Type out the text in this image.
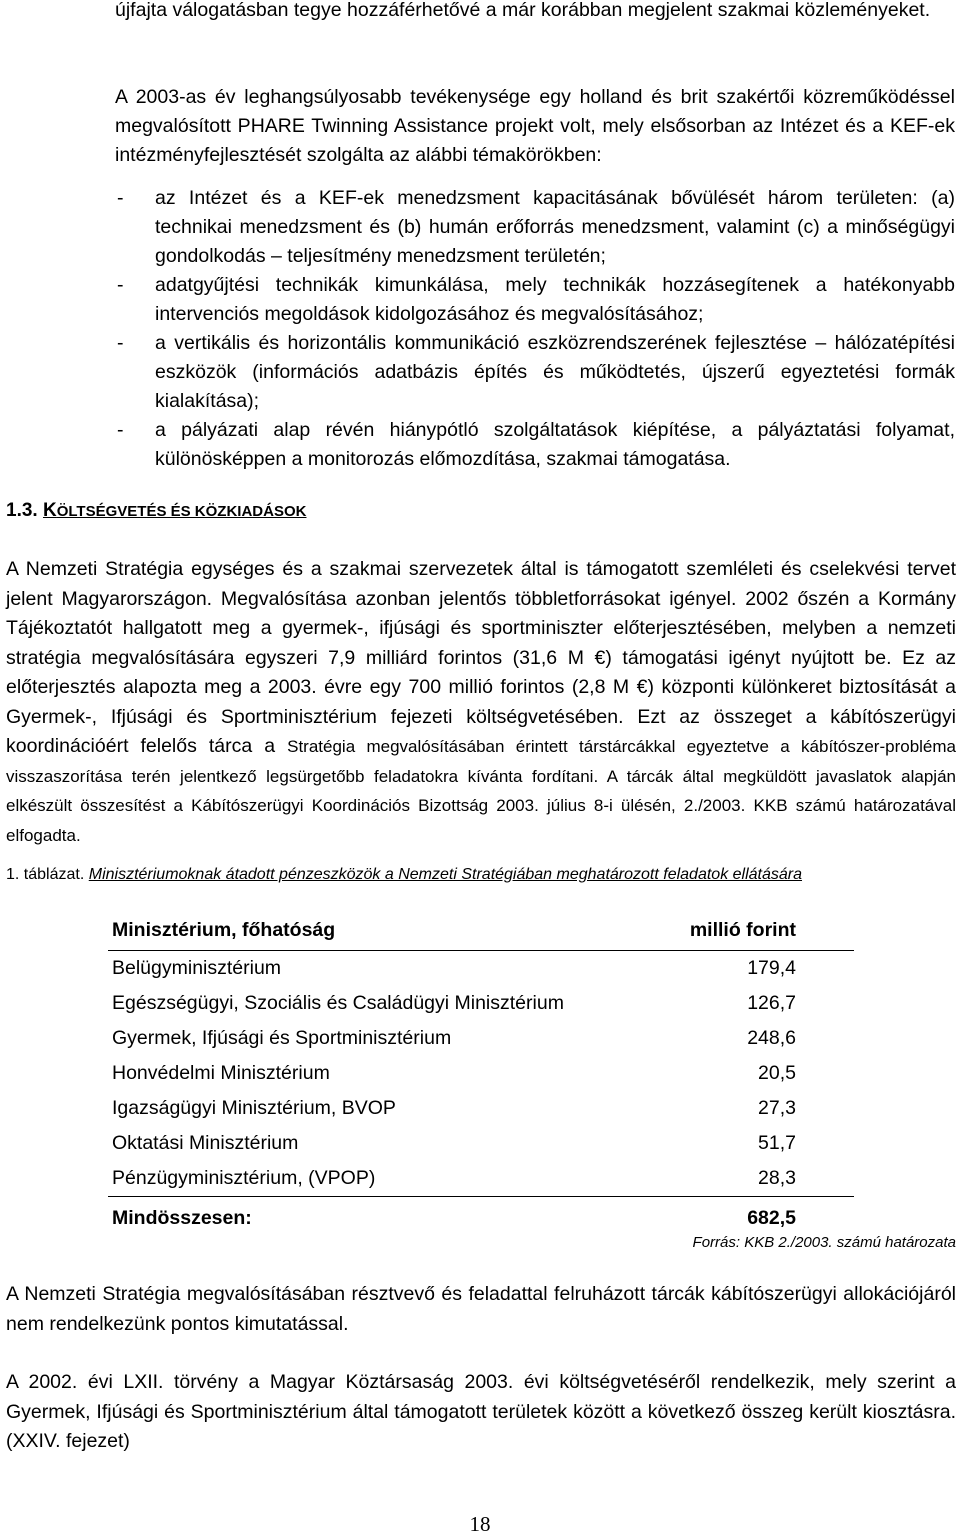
újfajta válogatásban tegye hozzáférhetővé a már korábban megjelent szakmai közleményeket.

A 2003-as év leghangsúlyosabb tevékenysége egy holland és brit szakértői közreműködéssel megvalósított PHARE Twinning Assistance projekt volt, mely elsősorban az Intézet és a KEF-ek intézményfejlesztését szolgálta az alábbi témakörökben:

- az Intézet és a KEF-ek menedzsment kapacitásának bővülését három területen: (a) technikai menedzsment és (b) humán erőforrás menedzsment, valamint (c) a minőségügyi gondolkodás – teljesítmény menedzsment területén;
- adatgyűjtési technikák kimunkálása, mely technikák hozzásegítenek a hatékonyabb intervenciós megoldások kidolgozásához és megvalósításához;
- a vertikális és horizontális kommunikáció eszközrendszerének fejlesztése – hálózatépítési eszközök (információs adatbázis építés és működtetés, újszerű egyeztetési formák kialakítása);
- a pályázati alap révén hiánypótló szolgáltatások kiépítése, a pályáztatási folyamat, különösképpen a monitorozás előmozdítása, szakmai támogatása.
1.3. KÖLTSÉGVETÉS ÉS KÖZKIADÁSOK

A Nemzeti Stratégia egységes és a szakmai szervezetek által is támogatott szemléleti és cselekvési tervet jelent Magyarországon. Megvalósítása azonban jelentős többletforrásokat igényel. 2002 őszén a Kormány Tájékoztatót hallgatott meg a gyermek-, ifjúsági és sportminiszter előterjesztésében, melyben a nemzeti stratégia megvalósítására egyszeri 7,9 milliárd forintos (31,6 M €) támogatási igényt nyújtott be. Ez az előterjesztés alapozta meg a 2003. évre egy 700 millió forintos (2,8 M €) központi különkeret biztosítását a Gyermek-, Ifjúsági és Sportminisztérium fejezeti költségvetésében. Ezt az összeget a kábítószerügyi koordinációért felelős tárca a Stratégia megvalósításában érintett társtárcákkal egyeztetve a kábítószer-probléma visszaszorítása terén jelentkező legsürgetőbb feladatokra kívánta fordítani. A tárcák által megküldött javaslatok alapján elkészült összesítést a Kábítószerügyi Koordinációs Bizottság 2003. július 8-i ülésén, 2./2003. KKB számú határozatával elfogadta.

1. táblázat. Minisztériumoknak átadott pénzeszközök a Nemzeti Stratégiában meghatározott feladatok ellátására
Minisztérium, főhatóság	millió forint
Belügyminisztérium	179,4
Egészségügyi, Szociális és Családügyi Minisztérium	126,7
Gyermek, Ifjúsági és Sportminisztérium	248,6
Honvédelmi Minisztérium	20,5
Igazságügyi Minisztérium, BVOP	27,3
Oktatási Minisztérium	51,7
Pénzügyminisztérium, (VPOP)	28,3
Mindösszesen:	682,5
Forrás: KKB 2./2003. számú határozata

A Nemzeti Stratégia megvalósításában résztvevő és feladattal felruházott tárcák kábítószerügyi allokációjáról nem rendelkezünk pontos kimutatással.

A 2002. évi LXII. törvény a Magyar Köztársaság 2003. évi költségvetéséről rendelkezik, mely szerint a Gyermek, Ifjúsági és Sportminisztérium által támogatott területek között a következő összeg került kiosztásra. (XXIV. fejezet)

18
